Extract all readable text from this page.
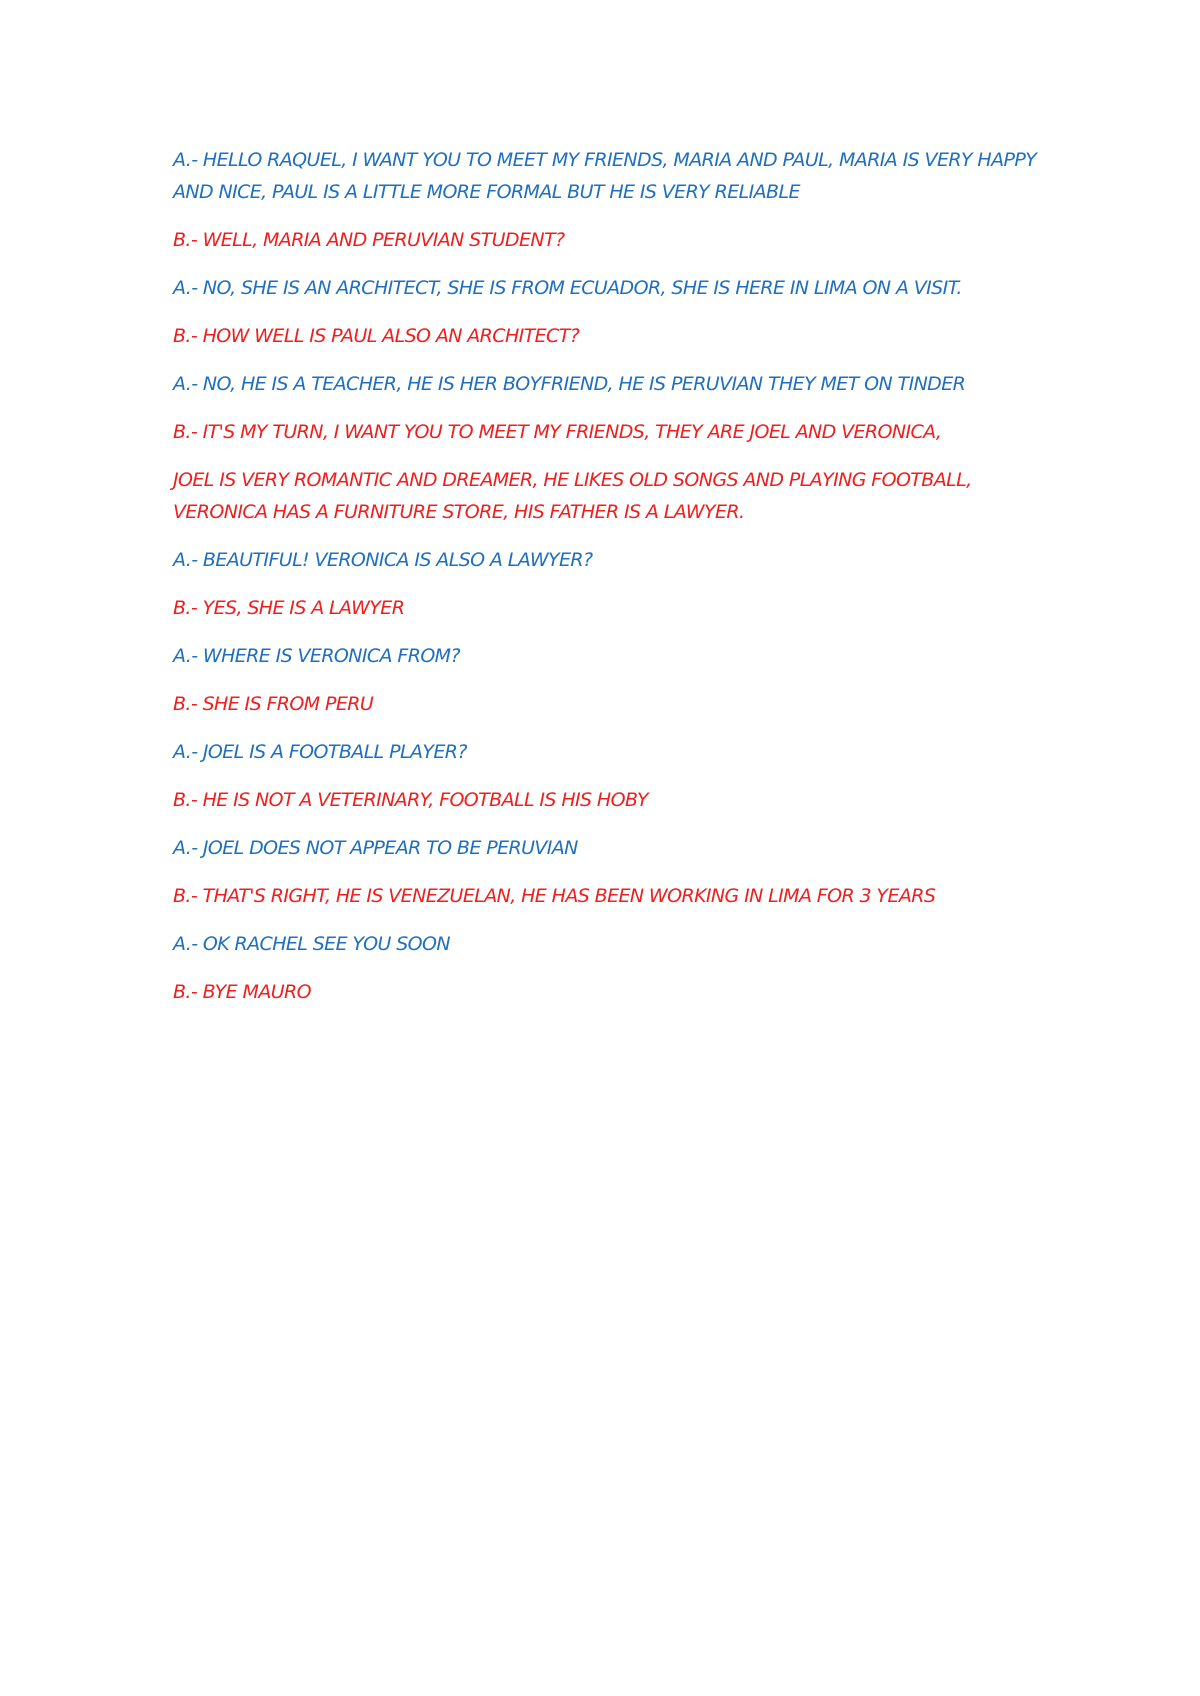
A.- HELLO RAQUEL, I WANT YOU TO MEET MY FRIENDS, MARIA AND PAUL, MARIA IS VERY HAPPY AND NICE, PAUL IS A LITTLE MORE FORMAL BUT HE IS VERY RELIABLE

B.- WELL, MARIA AND PERUVIAN STUDENT?

A.- NO, SHE IS AN ARCHITECT, SHE IS FROM ECUADOR, SHE IS HERE IN LIMA ON A VISIT.

B.- HOW WELL IS PAUL ALSO AN ARCHITECT?

A.- NO, HE IS A TEACHER, HE IS HER BOYFRIEND, HE IS PERUVIAN THEY MET ON TINDER

B.- IT'S MY TURN, I WANT YOU TO MEET MY FRIENDS, THEY ARE JOEL AND VERONICA,

JOEL IS VERY ROMANTIC AND DREAMER, HE LIKES OLD SONGS AND PLAYING FOOTBALL, VERONICA HAS A FURNITURE STORE, HIS FATHER IS A LAWYER.

A.- BEAUTIFUL! VERONICA IS ALSO A LAWYER?

B.- YES, SHE IS A LAWYER

A.- WHERE IS VERONICA FROM?

B.- SHE IS FROM PERU

A.- JOEL IS A FOOTBALL PLAYER?

B.- HE IS NOT A VETERINARY, FOOTBALL IS HIS HOBY

A.- JOEL DOES NOT APPEAR TO BE PERUVIAN

B.- THAT'S RIGHT, HE IS VENEZUELAN, HE HAS BEEN WORKING IN LIMA FOR 3 YEARS

A.- OK RACHEL SEE YOU SOON

B.- BYE MAURO
